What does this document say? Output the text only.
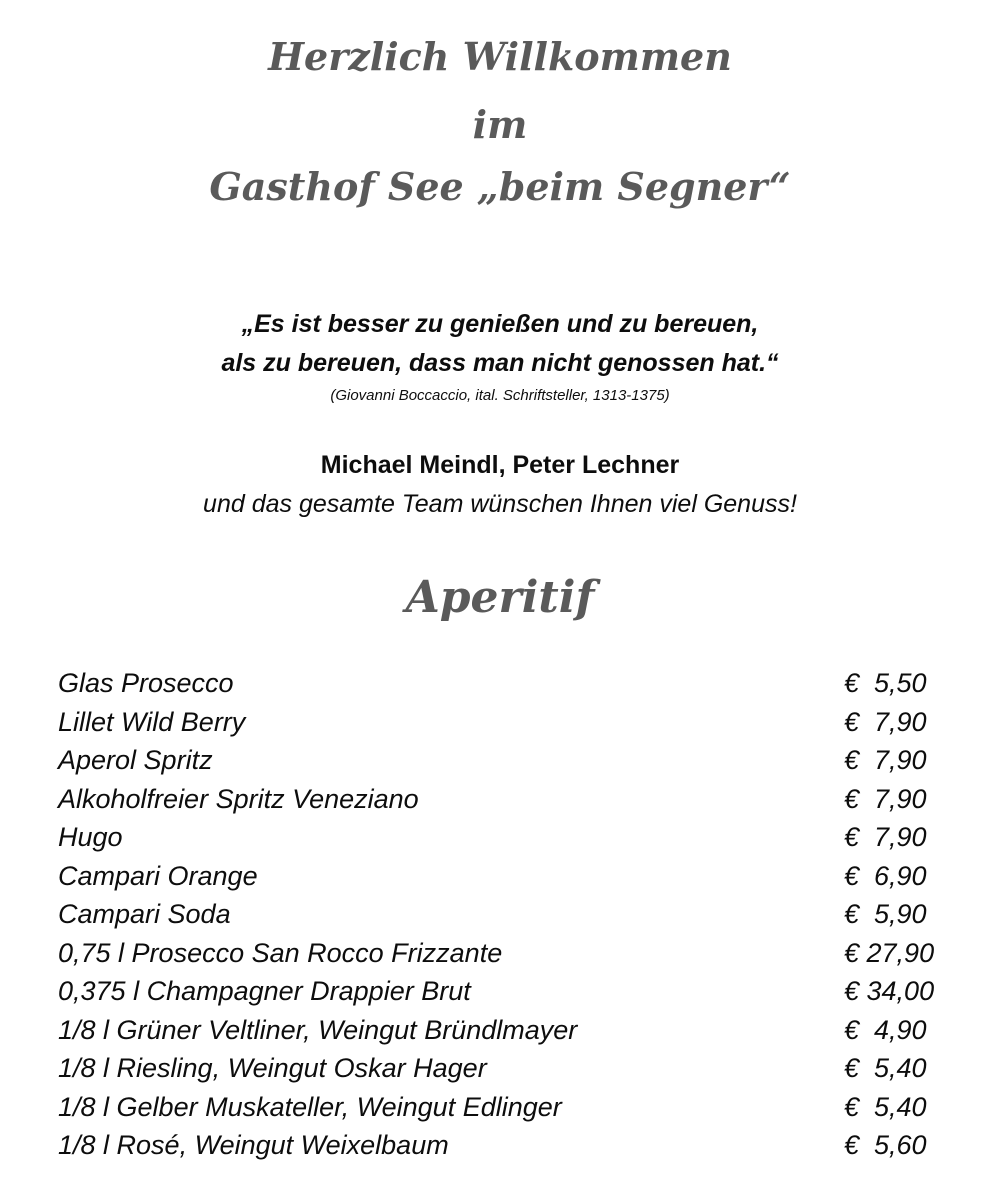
Herzlich Willkommen
im
Gasthof See „beim Segner“
„Es ist besser zu genießen und zu bereuen,
als zu bereuen, dass man nicht genossen hat.“
(Giovanni Boccaccio, ital. Schriftsteller, 1313-1375)
Michael Meindl, Peter Lechner
und das gesamte Team wünschen Ihnen viel Genuss!
Aperitif
Glas Prosecco	€  5,50
Lillet Wild Berry	€  7,90
Aperol Spritz	€  7,90
Alkoholfreier Spritz Veneziano	€  7,90
Hugo	€  7,90
Campari Orange	€  6,90
Campari Soda	€  5,90
0,75 l Prosecco San Rocco Frizzante	€ 27,90
0,375 l Champagner Drappier Brut	€ 34,00
1/8 l Grüner Veltliner, Weingut Bründlmayer	€  4,90
1/8 l Riesling, Weingut Oskar Hager	€  5,40
1/8 l Gelber Muskateller, Weingut Edlinger	€  5,40
1/8 l Rosé, Weingut Weixelbaum	€  5,60
